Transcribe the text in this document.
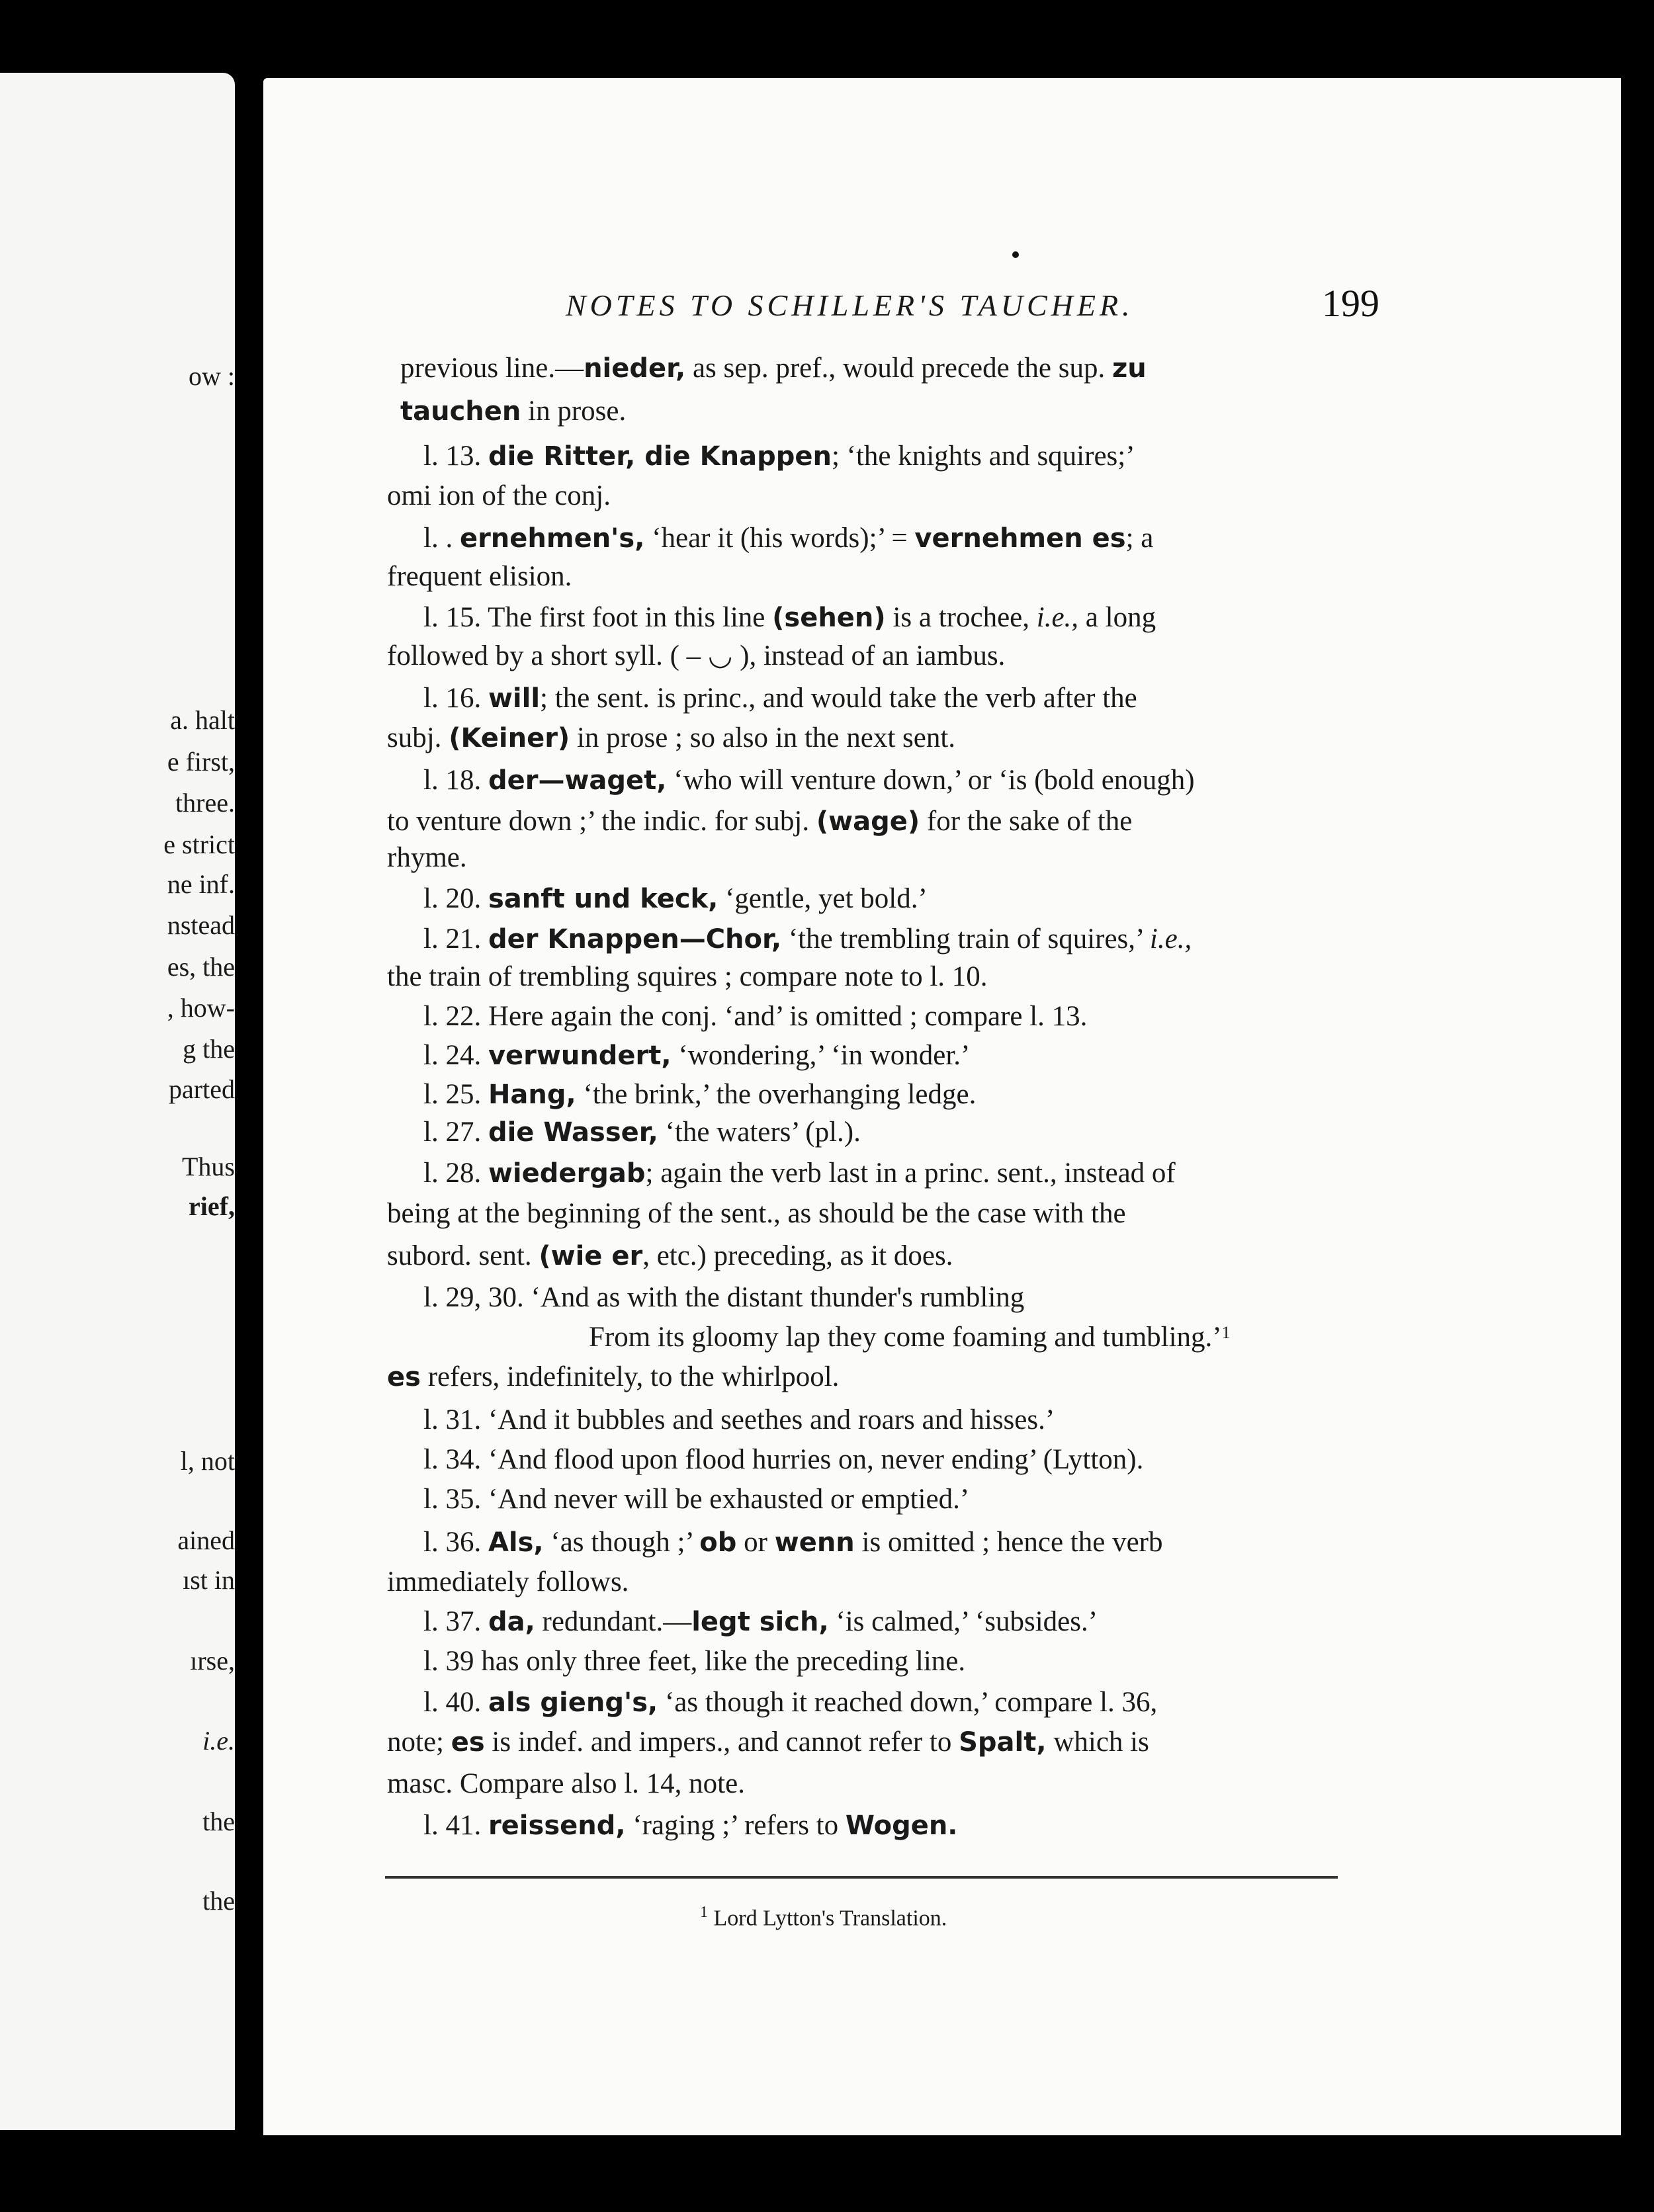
ow :
a. halt
e first,
three.
e strict
ne inf.
nstead
es, the
, how-
g the
parted
Thus
rief,
l, not
ained
ıst in
ırse,
i.e.
the
the
NOTES TO SCHILLER'S TAUCHER.	199
previous line.—nieder, as sep. pref., would precede the sup. zu
tauchen in prose.
l. 13. die Ritter, die Knappen; ‘the knights and squires;’
omi ion of the conj.
l. . ernehmen's, ‘hear it (his words);’ = vernehmen es; a
frequent elision.
l. 15. The first foot in this line (sehen) is a trochee, i.e., a long
followed by a short syll. ( – ◡ ), instead of an iambus.
l. 16. will; the sent. is princ., and would take the verb after the
subj. (Keiner) in prose ; so also in the next sent.
l. 18. der—waget, ‘who will venture down,’ or ‘is (bold enough)
to venture down ;’ the indic. for subj. (wage) for the sake of the
rhyme.
l. 20. sanft und keck, ‘gentle, yet bold.’
l. 21. der Knappen—Chor, ‘the trembling train of squires,’ i.e.,
the train of trembling squires ; compare note to l. 10.
l. 22. Here again the conj. ‘and’ is omitted ; compare l. 13.
l. 24. verwundert, ‘wondering,’ ‘in wonder.’
l. 25. Hang, ‘the brink,’ the overhanging ledge.
l. 27. die Wasser, ‘the waters’ (pl.).
l. 28. wiedergab; again the verb last in a princ. sent., instead of
being at the beginning of the sent., as should be the case with the
subord. sent. (wie er, etc.) preceding, as it does.
l. 29, 30. ‘And as with the distant thunder's rumbling
From its gloomy lap they come foaming and tumbling.’$^1$
es refers, indefinitely, to the whirlpool.
l. 31. ‘And it bubbles and seethes and roars and hisses.’
l. 34. ‘And flood upon flood hurries on, never ending’ (Lytton).
l. 35. ‘And never will be exhausted or emptied.’
l. 36. Als, ‘as though ;’ ob or wenn is omitted ; hence the verb
immediately follows.
l. 37. da, redundant.—legt sich, ‘is calmed,’ ‘subsides.’
l. 39 has only three feet, like the preceding line.
l. 40. als gieng's, ‘as though it reached down,’ compare l. 36,
note; es is indef. and impers., and cannot refer to Spalt, which is
masc. Compare also l. 14, note.
l. 41. reissend, ‘raging ;’ refers to Wogen.
$^1$ Lord Lytton's Translation.
